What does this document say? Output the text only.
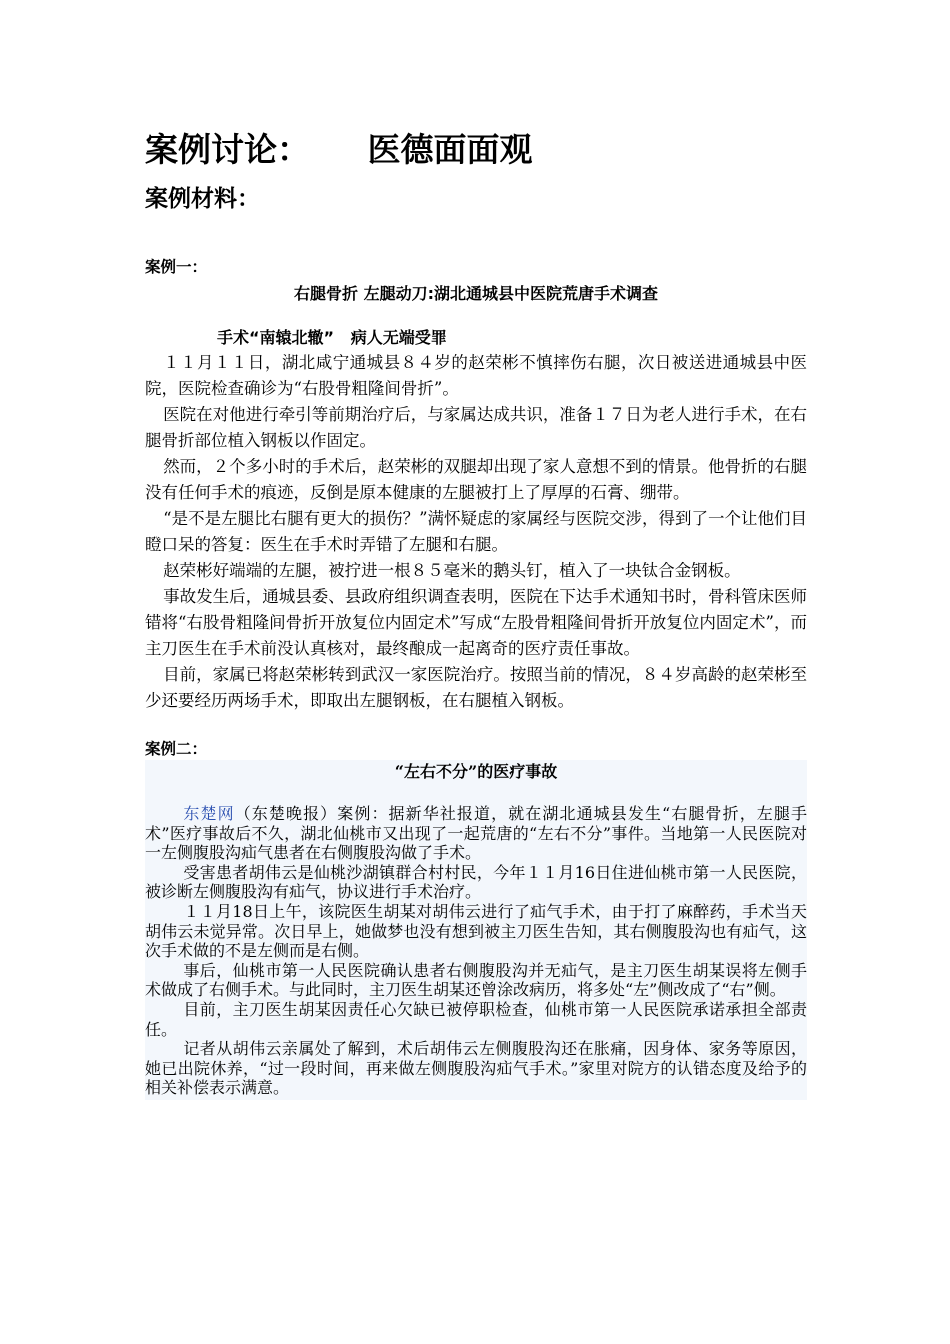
案例讨论：     医德面面观
案例材料：
案例一：
右腿骨折 左腿动刀:湖北通城县中医院荒唐手术调查
手术“南辕北辙”   病人无端受罪

１１月１１日，湖北咸宁通城县８４岁的赵荣彬不慎摔伤右腿，次日被送进通城县中医院，医院检查确诊为“右股骨粗隆间骨折”。

医院在对他进行牵引等前期治疗后，与家属达成共识，准备１７日为老人进行手术，在右腿骨折部位植入钢板以作固定。

然而，２个多小时的手术后，赵荣彬的双腿却出现了家人意想不到的情景。他骨折的右腿没有任何手术的痕迹，反倒是原本健康的左腿被打上了厚厚的石膏、绷带。

“是不是左腿比右腿有更大的损伤？”满怀疑虑的家属经与医院交涉，得到了一个让他们目瞪口呆的答复：医生在手术时弄错了左腿和右腿。

赵荣彬好端端的左腿，被拧进一根８５毫米的鹅头钉，植入了一块钛合金钢板。

事故发生后，通城县委、县政府组织调查表明，医院在下达手术通知书时，骨科管床医师错将“右股骨粗隆间骨折开放复位内固定术”写成“左股骨粗隆间骨折开放复位内固定术”，而主刀医生在手术前没认真核对，最终酿成一起离奇的医疗责任事故。

目前，家属已将赵荣彬转到武汉一家医院治疗。按照当前的情况，８４岁高龄的赵荣彬至少还要经历两场手术，即取出左腿钢板，在右腿植入钢板。

案例二：
“左右不分”的医疗事故

东楚网（东楚晚报）案例：据新华社报道，就在湖北通城县发生“右腿骨折，左腿手术”医疗事故后不久，湖北仙桃市又出现了一起荒唐的“左右不分”事件。当地第一人民医院对一左侧腹股沟疝气患者在右侧腹股沟做了手术。

受害患者胡伟云是仙桃沙湖镇群合村村民，今年１１月16日住进仙桃市第一人民医院，被诊断左侧腹股沟有疝气，协议进行手术治疗。

１１月18日上午，该院医生胡某对胡伟云进行了疝气手术，由于打了麻醉药，手术当天胡伟云未觉异常。次日早上，她做梦也没有想到被主刀医生告知，其右侧腹股沟也有疝气，这次手术做的不是左侧而是右侧。

事后，仙桃市第一人民医院确认患者右侧腹股沟并无疝气，是主刀医生胡某误将左侧手术做成了右侧手术。与此同时，主刀医生胡某还曾涂改病历，将多处“左”侧改成了“右”侧。

目前，主刀医生胡某因责任心欠缺已被停职检查，仙桃市第一人民医院承诺承担全部责任。

记者从胡伟云亲属处了解到，术后胡伟云左侧腹股沟还在胀痛，因身体、家务等原因，她已出院休养，“过一段时间，再来做左侧腹股沟疝气手术。”家里对院方的认错态度及给予的相关补偿表示满意。
